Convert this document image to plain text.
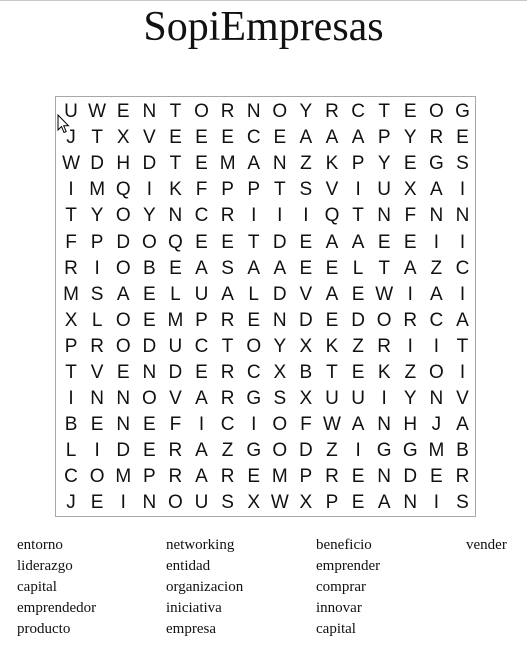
SopiEmpresas
U W E N T O R N O Y R C T E O G
J T X V E E E C E A A A P Y R E
W D H D T E M A N Z K P Y E G S
I M Q I K F P P T S V I U X A I
T Y O Y N C R I	I	I Q T N F N N
F P D O Q E E T D E A A E E I	I
R I O B E A S A A E E L T A Z C
M S A E L U A L D V A E W I A I
X L O E M P R E N D E D O R C A
P R O D U C T O Y X K Z R I	I T
T V E N D E R C X B T E K Z O I
I N N O V A R G S X U U I Y N V
B E N E F I C I O F W A N H J A
L I D E R A Z G O D Z I G G M B
C O M P R A R E M P R E N D E R
J E I N O U S X W X P E A N I S
entorno	networking	beneficio	vender
liderazgo	entidad	emprender
capital	organizacion	comprar
emprendedor	iniciativa	innovar
producto	empresa	capital
